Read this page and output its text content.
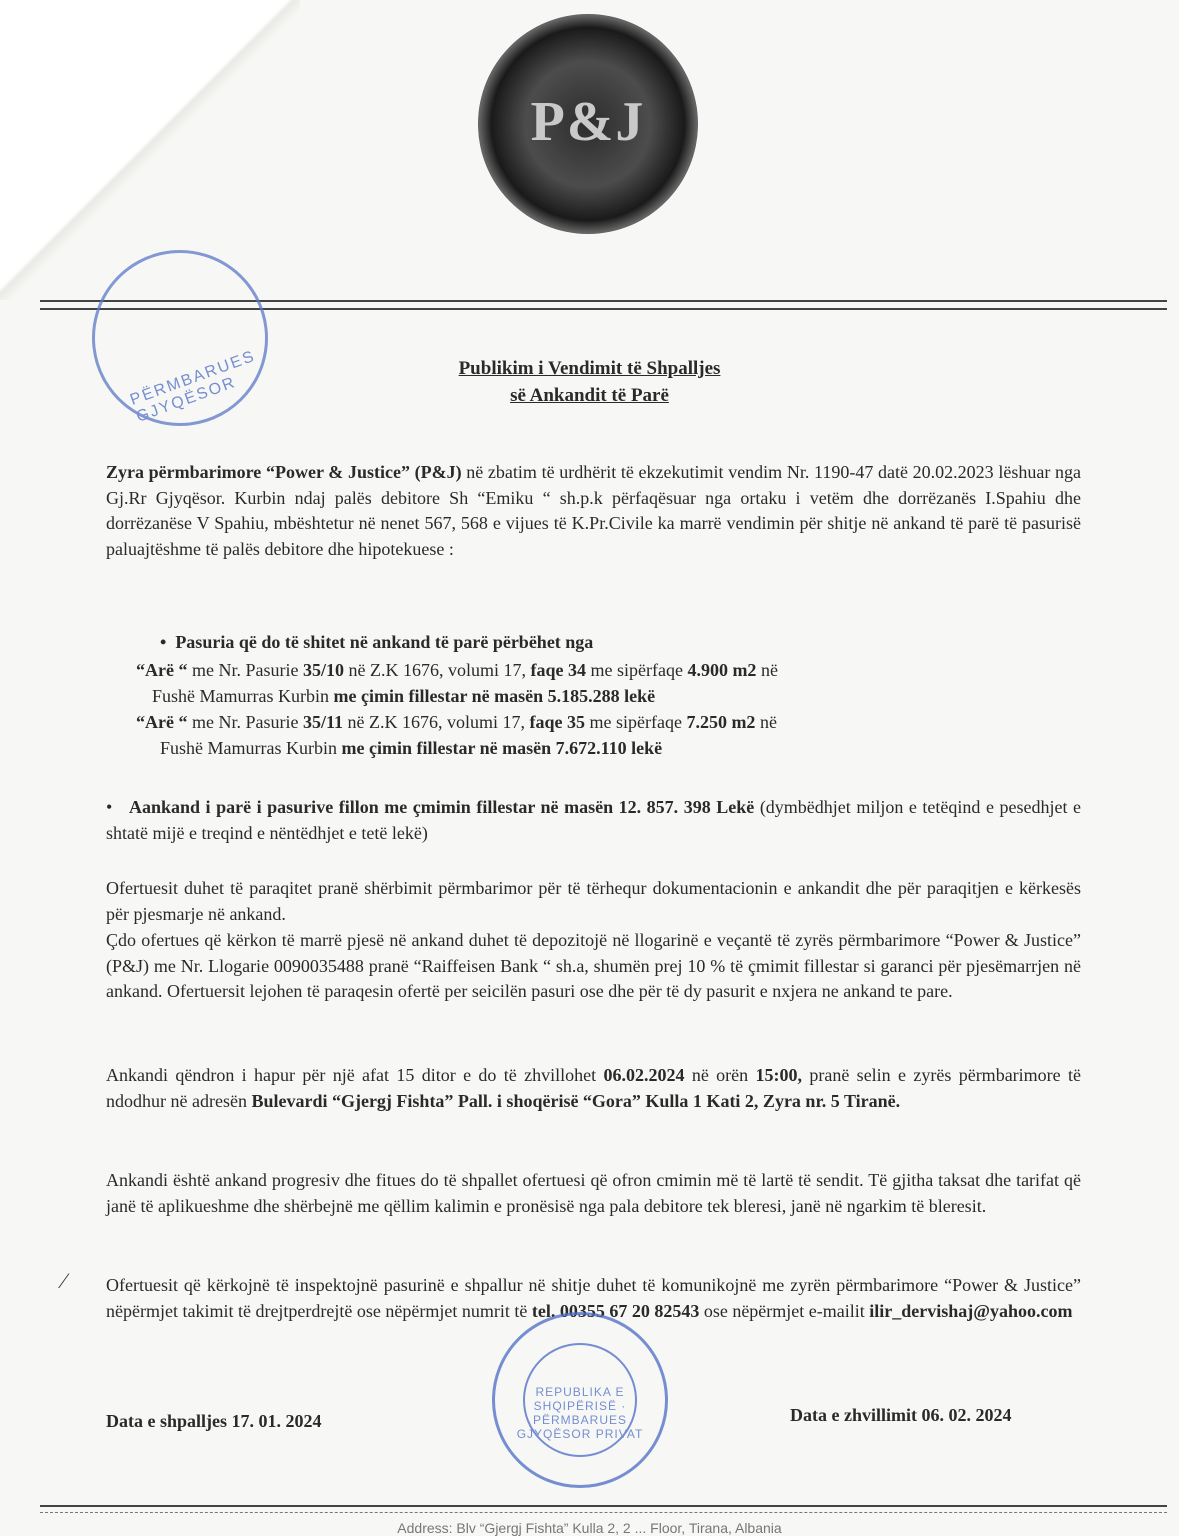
P&J
PËRMBARUES GJYQËSOR
Publikim i Vendimit të Shpalljes
së Ankandit të Parë
Zyra përmbarimore “Power & Justice” (P&J) në zbatim të urdhërit të ekzekutimit vendim Nr. 1190-47 datë 20.02.2023 lëshuar nga Gj.Rr Gjyqësor. Kurbin ndaj palës debitore Sh “Emiku “ sh.p.k përfaqësuar nga ortaku i vetëm dhe dorrëzanës I.Spahiu dhe dorrëzanëse V Spahiu, mbështetur në nenet 567, 568 e vijues të K.Pr.Civile ka marrë vendimin për shitje në ankand të parë të pasurisë paluajtëshme të palës debitore dhe hipotekuese :
•  Pasuria që do të shitet në ankand të parë përbëhet nga
“Arë “ me Nr. Pasurie 35/10 në Z.K 1676, volumi 17, faqe 34 me sipërfaqe 4.900 m2 në
Fushë Mamurras Kurbin me çimin fillestar në masën 5.185.288 lekë
“Arë “ me Nr. Pasurie 35/11 në Z.K 1676, volumi 17, faqe 35 me sipërfaqe 7.250 m2 në
Fushë Mamurras Kurbin me çimin fillestar në masën 7.672.110 lekë
•   Aankand i parë i pasurive fillon me çmimin fillestar në masën 12. 857. 398 Lekë (dymbëdhjet miljon e tetëqind e pesedhjet e shtatë mijë e treqind e nëntëdhjet e tetë lekë)
Ofertuesit duhet të paraqitet pranë shërbimit përmbarimor për të tërhequr dokumentacionin e ankandit dhe për paraqitjen e kërkesës për pjesmarje në ankand.
Çdo ofertues që kërkon të marrë pjesë në ankand duhet të depozitojë në llogarinë e veçantë të zyrës përmbarimore “Power & Justice” (P&J) me Nr. Llogarie 0090035488 pranë “Raiffeisen Bank “ sh.a, shumën prej 10 % të çmimit fillestar si garanci për pjesëmarrjen në ankand. Ofertuersit lejohen të paraqesin ofertë per seicilën pasuri ose dhe për të dy pasurit e nxjera ne ankand te pare.
Ankandi qëndron i hapur për një afat 15 ditor e do të zhvillohet 06.02.2024 në orën 15:00, pranë selin e zyrës përmbarimore të ndodhur në adresën Bulevardi “Gjergj Fishta” Pall. i shoqërisë “Gora” Kulla 1 Kati 2, Zyra nr. 5 Tiranë.
Ankandi është ankand progresiv dhe fitues do të shpallet ofertuesi që ofron cmimin më të lartë të sendit. Të gjitha taksat dhe tarifat që janë të aplikueshme dhe shërbejnë me qëllim kalimin e pronësisë nga pala debitore tek bleresi, janë në ngarkim të bleresit.
⁄ Ofertuesit që kërkojnë të inspektojnë pasurinë e shpallur në shitje duhet të komunikojnë me zyrën përmbarimore “Power & Justice” nëpërmjet takimit të drejtperdrejtë ose nëpërmjet numrit të tel. 00355 67 20 82543 ose nëpërmjet e-mailit ilir_dervishaj@yahoo.com
REPUBLIKA E SHQIPËRISË · PËRMBARUES GJYQËSOR PRIVAT
Data e shpalljes 17. 01. 2024	Data e zhvillimit 06. 02. 2024
Address: Blv “Gjergj Fishta” Kulla 2, 2 ... Floor, Tirana, Albania
